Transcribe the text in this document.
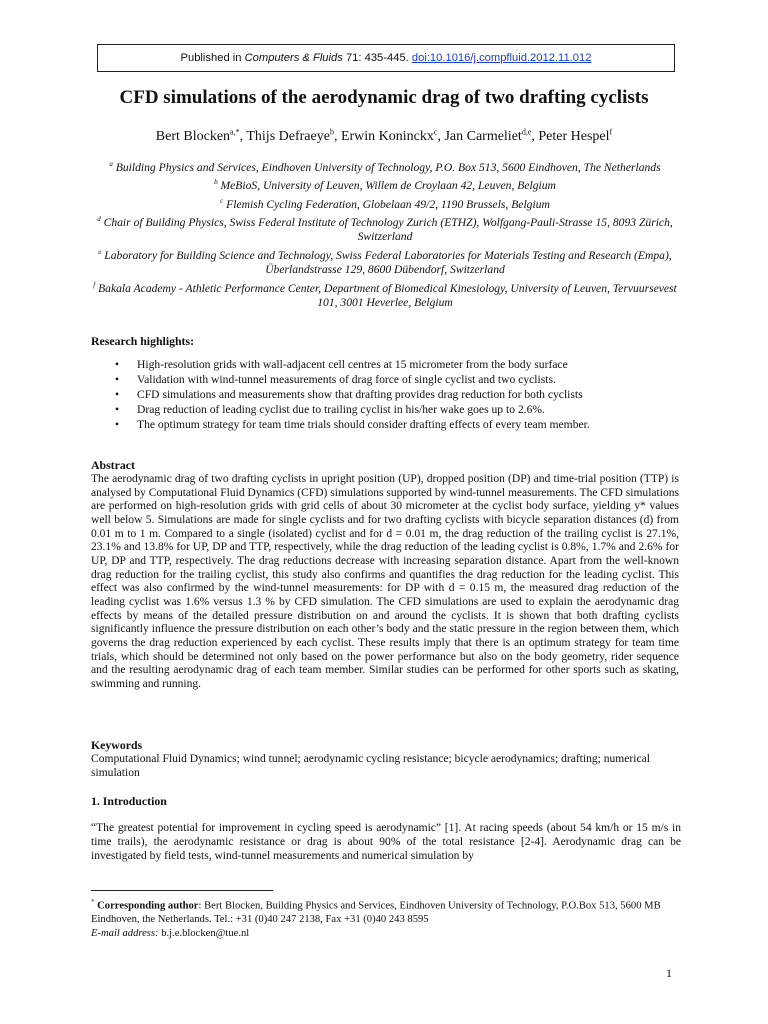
Published in Computers & Fluids 71: 435-445. doi:10.1016/j.compfluid.2012.11.012
CFD simulations of the aerodynamic drag of two drafting cyclists
Bert Blocken$^{a,*}$, Thijs Defraeye$^b$, Erwin Koninckx$^c$, Jan Carmeliet$^{d,e}$, Peter Hespel$^f$

$^a$ Building Physics and Services, Eindhoven University of Technology, P.O. Box 513, 5600 Eindhoven, The Netherlands

$^b$ MeBioS, University of Leuven, Willem de Croylaan 42, Leuven, Belgium

$^c$ Flemish Cycling Federation, Globelaan 49/2, 1190 Brussels, Belgium

$^d$ Chair of Building Physics, Swiss Federal Institute of Technology Zurich (ETHZ), Wolfgang-Pauli-Strasse 15, 8093 Zürich, Switzerland

$^e$ Laboratory for Building Science and Technology, Swiss Federal Laboratories for Materials Testing and Research (Empa), Überlandstrasse 129, 8600 Dübendorf, Switzerland

$^f$ Bakala Academy - Athletic Performance Center, Department of Biomedical Kinesiology, University of Leuven, Tervuursevest 101, 3001 Heverlee, Belgium

Research highlights:
• High-resolution grids with wall-adjacent cell centres at 15 micrometer from the body surface
• Validation with wind-tunnel measurements of drag force of single cyclist and two cyclists.
• CFD simulations and measurements show that drafting provides drag reduction for both cyclists
• Drag reduction of leading cyclist due to trailing cyclist in his/her wake goes up to 2.6%.
• The optimum strategy for team time trials should consider drafting effects of every team member.
Abstract

The aerodynamic drag of two drafting cyclists in upright position (UP), dropped position (DP) and time-trial position (TTP) is analysed by Computational Fluid Dynamics (CFD) simulations supported by wind-tunnel measurements. The CFD simulations are performed on high-resolution grids with grid cells of about 30 micrometer at the cyclist body surface, yielding y* values well below 5. Simulations are made for single cyclists and for two drafting cyclists with bicycle separation distances (d) from 0.01 m to 1 m. Compared to a single (isolated) cyclist and for d = 0.01 m, the drag reduction of the trailing cyclist is 27.1%, 23.1% and 13.8% for UP, DP and TTP, respectively, while the drag reduction of the leading cyclist is 0.8%, 1.7% and 2.6% for UP, DP and TTP, respectively. The drag reductions decrease with increasing separation distance. Apart from the well-known drag reduction for the trailing cyclist, this study also confirms and quantifies the drag reduction for the leading cyclist. This effect was also confirmed by the wind-tunnel measurements: for DP with d = 0.15 m, the measured drag reduction of the leading cyclist was 1.6% versus 1.3 % by CFD simulation. The CFD simulations are used to explain the aerodynamic drag effects by means of the detailed pressure distribution on and around the cyclists. It is shown that both drafting cyclists significantly influence the pressure distribution on each other’s body and the static pressure in the region between them, which governs the drag reduction experienced by each cyclist. These results imply that there is an optimum strategy for team time trials, which should be determined not only based on the power performance but also on the body geometry, rider sequence and the resulting aerodynamic drag of each team member. Similar studies can be performed for other sports such as skating, swimming and running.

Keywords

Computational Fluid Dynamics; wind tunnel; aerodynamic cycling resistance; bicycle aerodynamics; drafting; numerical simulation

1. Introduction

“The greatest potential for improvement in cycling speed is aerodynamic” [1]. At racing speeds (about 54 km/h or 15 m/s in time trails), the aerodynamic resistance or drag is about 90% of the total resistance [2-4]. Aerodynamic drag can be investigated by field tests, wind-tunnel measurements and numerical simulation by

* Corresponding author: Bert Blocken, Building Physics and Services, Eindhoven University of Technology, P.O.Box 513, 5600 MB Eindhoven, the Netherlands. Tel.: +31 (0)40 247 2138, Fax +31 (0)40 243 8595

E-mail address: b.j.e.blocken@tue.nl

1
